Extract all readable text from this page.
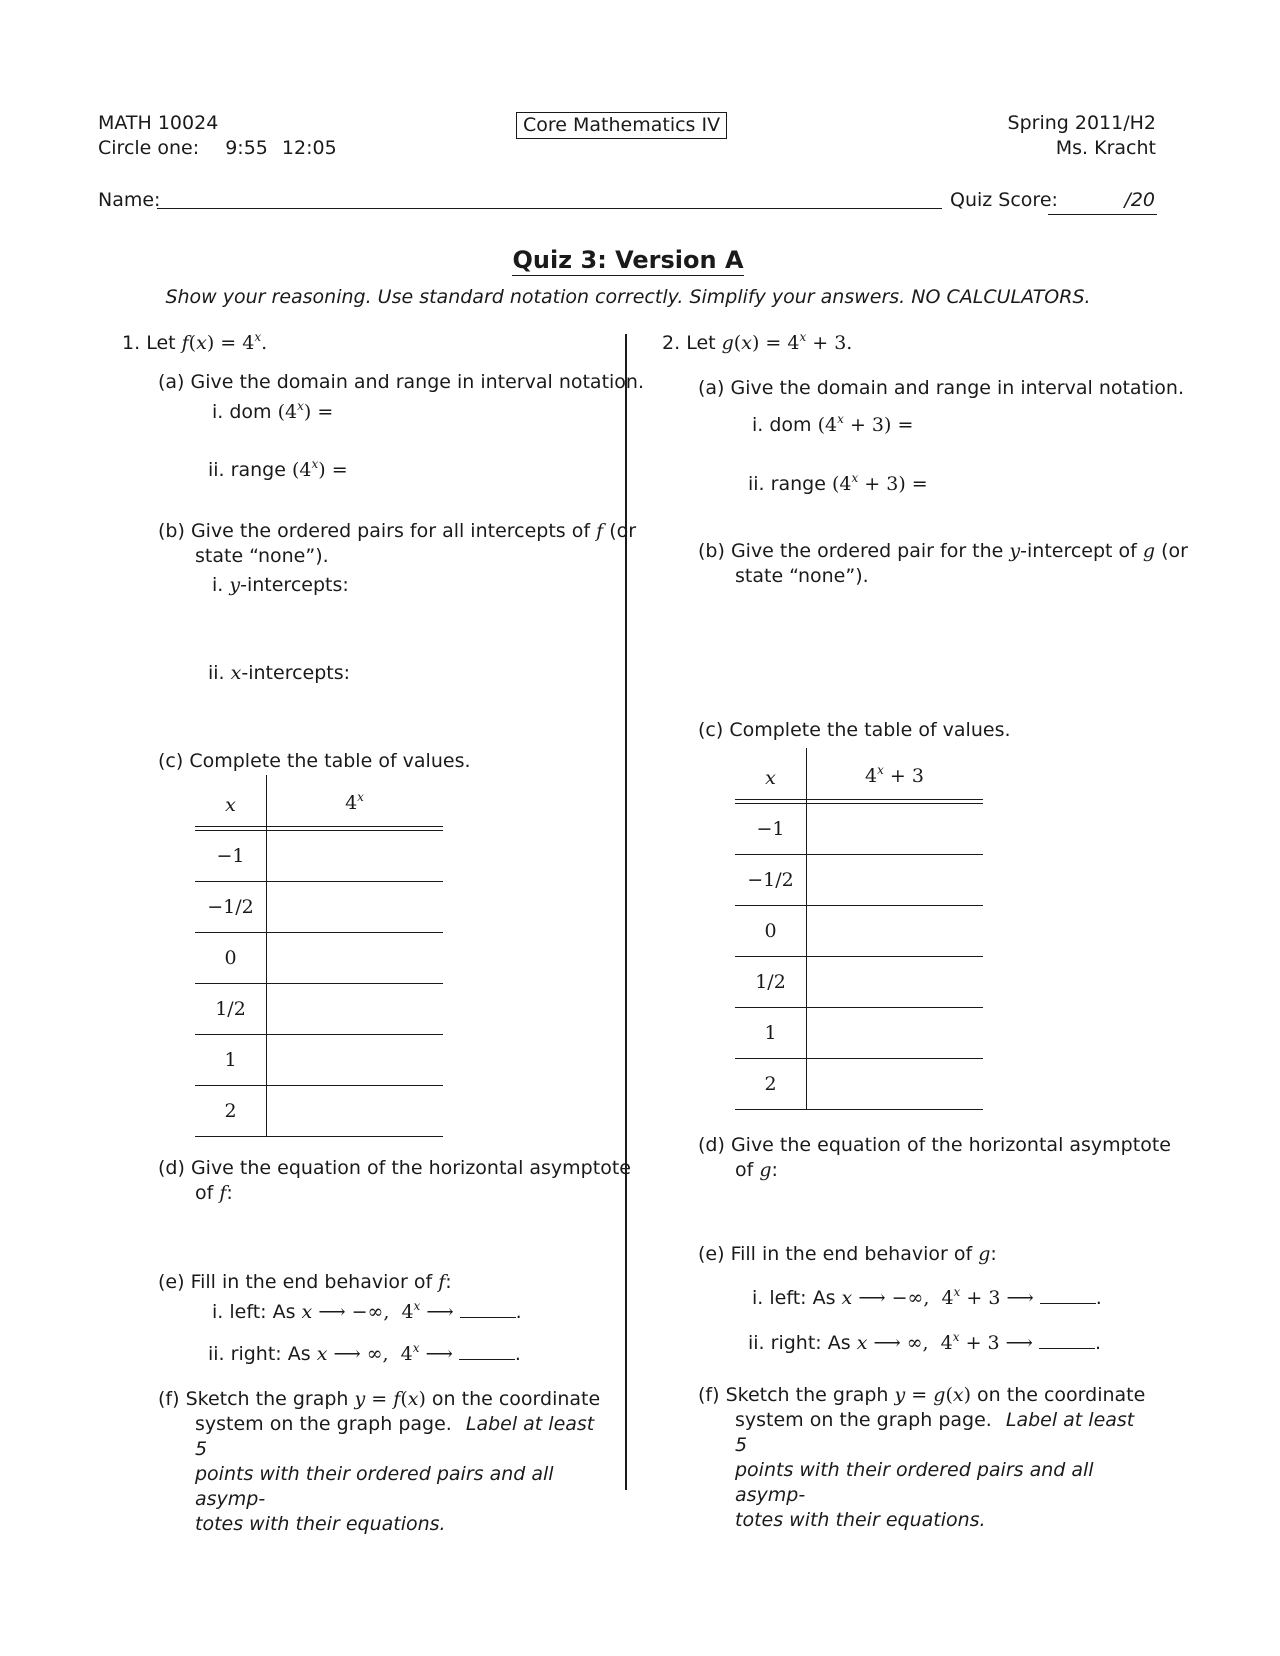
MATH 10024
Circle one: 9:55 12:05
Core Mathematics IV	Spring 2011/H2
Ms. Kracht
Name:	Quiz Score:	/20
Quiz 3: Version A
Show your reasoning. Use standard notation correctly. Simplify your answers. NO CALCULATORS.
1. Let $f(x) = 4^x$.
(a) Give the domain and range in interval notation.
i. dom $(4^x)$ =
ii. range $(4^x)$ =
(b) Give the ordered pairs for all intercepts of f (or
state “none”).
i. y-intercepts:
ii. x-intercepts:
(c) Complete the table of values.
x	$4^x$
−1
−1/2
0
1/2
1
2
(d) Give the equation of the horizontal asymptote
of f:
(e) Fill in the end behavior of f:
i. left: As x ⟶ −∞,  4$^x$ ⟶	.
ii. right: As x ⟶ ∞,  4$^x$ ⟶	.
(f) Sketch the graph y = f(x) on the coordinate
system on the graph page. Label at least 5
points with their ordered pairs and all asymp-
totes with their equations.
2. Let $g(x) = 4^x + 3$.
(a) Give the domain and range in interval notation.
i. dom $(4^x + 3)$ =
ii. range $(4^x + 3)$ =
(b) Give the ordered pair for the y-intercept of g (or
state “none”).
(c) Complete the table of values.
x	$4^x + 3$
−1
−1/2
0
1/2
1
2
(d) Give the equation of the horizontal asymptote
of g:
(e) Fill in the end behavior of g:
i. left: As x ⟶ −∞,  $4^x + 3$ ⟶	.
ii. right: As x ⟶ ∞,  $4^x + 3$ ⟶	.
(f) Sketch the graph y = g(x) on the coordinate
system on the graph page. Label at least 5
points with their ordered pairs and all asymp-
totes with their equations.
